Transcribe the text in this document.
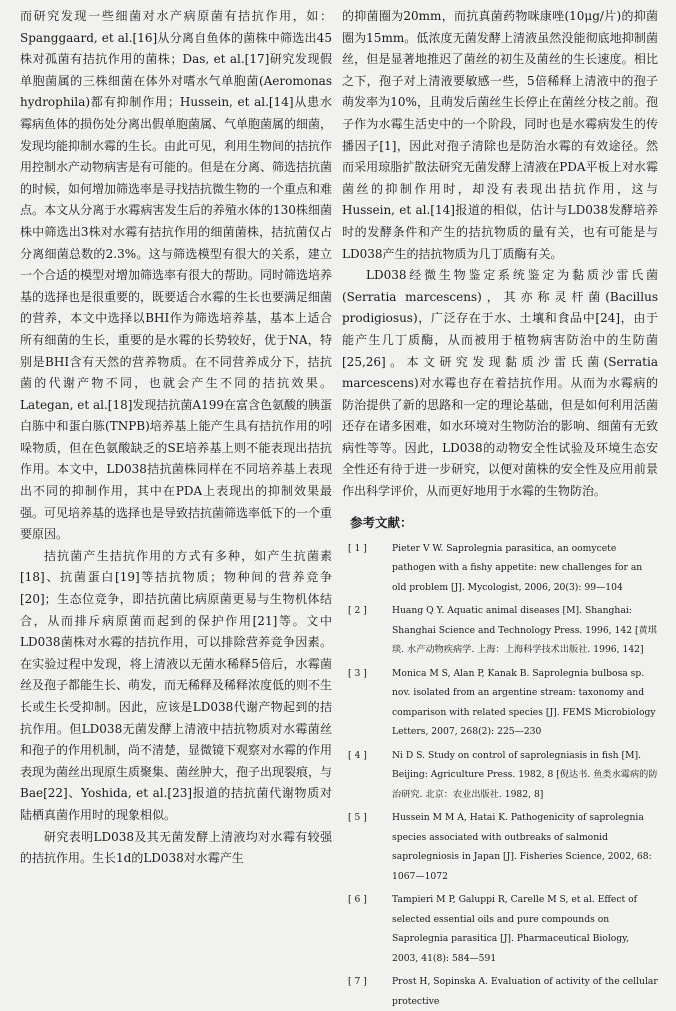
而研究发现一些细菌对水产病原菌有拮抗作用，如：Spanggaard, et al.[16]从分离自鱼体的菌株中筛选出45株对孤菌有拮抗作用的菌株；Das, et al.[17]研究发现假单胞菌属的三株细菌在体外对嗜水气单胞菌(Aeromonas hydrophila)都有抑制作用；Hussein, et al.[14]从患水霉病鱼体的损伤处分离出假单胞菌属、气单胞菌属的细菌，发现均能抑制水霉的生长。由此可见，利用生物间的拮抗作用控制水产动物病害是有可能的。但是在分离、筛选拮抗菌的时候，如何增加筛选率是寻找拮抗微生物的一个重点和难点。本文从分离于水霉病害发生后的养殖水体的130株细菌株中筛选出3株对水霉有拮抗作用的细菌菌株，拮抗菌仅占分离细菌总数的2.3%。这与筛选模型有很大的关系，建立一个合适的模型对增加筛选率有很大的帮助。同时筛选培养基的选择也是很重要的，既要适合水霉的生长也要满足细菌的营养，本文中选择以BHI作为筛选培养基，基本上适合所有细菌的生长，重要的是水霉的长势较好，优于NA，特别是BHI含有天然的营养物质。在不同营养成分下，拮抗菌的代谢产物不同，也就会产生不同的拮抗效果。Lategan, et al.[18]发现拮抗菌A199在富含色氨酸的胰蛋白胨中和蛋白胨(TNPB)培养基上能产生具有拮抗作用的吲哚物质，但在色氨酸缺乏的SE培养基上则不能表现出拮抗作用。本文中，LD038拮抗菌株同样在不同培养基上表现出不同的抑制作用，其中在PDA上表现出的抑制效果最强。可见培养基的选择也是导致拮抗菌筛选率低下的一个重要原因。

拮抗菌产生拮抗作用的方式有多种，如产生抗菌素[18]、抗菌蛋白[19]等拮抗物质；物种间的营养竞争[20]；生态位竞争，即拮抗菌比病原菌更易与生物机体结合，从而排斥病原菌而起到的保护作用[21]等。文中LD038菌株对水霉的拮抗作用，可以排除营养竞争因素。在实验过程中发现，将上清液以无菌水稀释5倍后，水霉菌丝及孢子都能生长、萌发，而无稀释及稀释浓度低的则不生长或生长受抑制。因此，应该是LD038代谢产物起到的拮抗作用。但LD038无菌发酵上清液中拮抗物质对水霉菌丝和孢子的作用机制，尚不清楚，显微镜下观察对水霉的作用表现为菌丝出现原生质聚集、菌丝肿大，孢子出现裂痕，与Bae[22]、Yoshida, et al.[23]报道的拮抗菌代谢物质对陆栖真菌作用时的现象相似。

研究表明LD038及其无菌发酵上清液均对水霉有较强的拮抗作用。生长1d的LD038对水霉产生

的抑菌圈为20mm，而抗真菌药物咪康唑(10μg/片)的抑菌圈为15mm。低浓度无菌发酵上清液虽然没能彻底地抑制菌丝，但是显著地推迟了菌丝的初生及菌丝的生长速度。相比之下，孢子对上清液要敏感一些，5倍稀释上清液中的孢子萌发率为10%，且萌发后菌丝生长停止在菌丝分枝之前。孢子作为水霉生活史中的一个阶段，同时也是水霉病发生的传播因子[1]，因此对孢子清除也是防治水霉的有效途径。然而采用琼脂扩散法研究无菌发酵上清液在PDA平板上对水霉菌丝的抑制作用时，却没有表现出拮抗作用，这与Hussein, et al.[14]报道的相似，估计与LD038发酵培养时的发酵条件和产生的拮抗物质的量有关，也有可能是与LD038产生的拮抗物质为几丁质酶有关。

LD038经微生物鉴定系统鉴定为黏质沙雷氏菌(Serratia marcescens)，其亦称灵杆菌(Bacillus prodigiosus)，广泛存在于水、土壤和食品中[24]，由于能产生几丁质酶，从而被用于植物病害防治中的生防菌[25,26]。本文研究发现黏质沙雷氏菌(Serratia marcescens)对水霉也存在着拮抗作用。从而为水霉病的防治提供了新的思路和一定的理论基础，但是如何利用活菌还存在诸多困难，如水环境对生物防治的影响、细菌有无致病性等等。因此，LD038的动物安全性试验及环境生态安全性还有待于进一步研究，以便对菌株的安全性及应用前景作出科学评价，从而更好地用于水霉的生物防治。

参考文献：
[ 1 ]	Pieter V W. Saprolegnia parasitica, an oomycete pathogen with a fishy appetite: new challenges for an old problem [J]. Mycologist, 2006, 20(3): 99—104
[ 2 ]	Huang Q Y. Aquatic animal diseases [M]. Shanghai: Shanghai Science and Technology Press. 1996, 142 [黄琪琰. 水产动物疾病学. 上海：上海科学技术出版社. 1996, 142]
[ 3 ]	Monica M S, Alan P, Kanak B. Saprolegnia bulbosa sp. nov. isolated from an argentine stream: taxonomy and comparison with related species [J]. FEMS Microbiology Letters, 2007, 268(2): 225—230
[ 4 ]	Ni D S. Study on control of saprolegniasis in fish [M]. Beijing: Agriculture Press. 1982, 8 [倪达书. 鱼类水霉病的防治研究. 北京：农业出版社. 1982, 8]
[ 5 ]	Hussein M M A, Hatai K. Pathogenicity of saprolegnia species associated with outbreaks of salmonid saprolegniosis in Japan [J]. Fisheries Science, 2002, 68: 1067—1072
[ 6 ]	Tampieri M P, Galuppi R, Carelle M S, et al. Effect of selected essential oils and pure compounds on Saprolegnia parasitica [J]. Pharmaceutical Biology, 2003, 41(8): 584—591
[ 7 ]	Prost H, Sopinska A. Evaluation of activity of the cellular protective
